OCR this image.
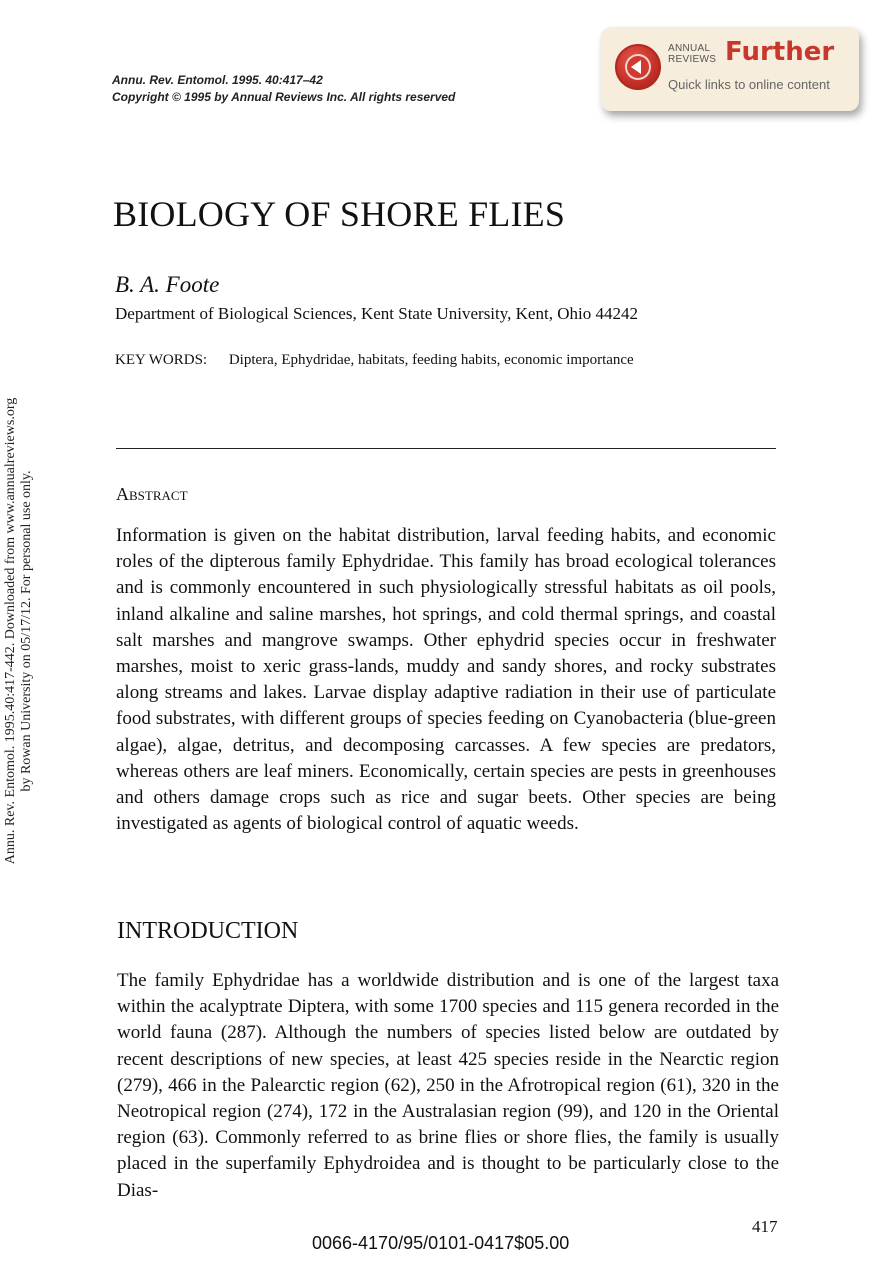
Annu. Rev. Entomol. 1995. 40:417–42
Copyright © 1995 by Annual Reviews Inc. All rights reserved
ANNUAL
REVIEWS Further
Quick links to online content
Annu. Rev. Entomol. 1995.40:417-442. Downloaded from www.annualreviews.org by Rowan University on 05/17/12. For personal use only.
BIOLOGY OF SHORE FLIES
B. A. Foote
Department of Biological Sciences, Kent State University, Kent, Ohio 44242
KEY WORDS: Diptera, Ephydridae, habitats, feeding habits, economic importance
Abstract
Information is given on the habitat distribution, larval feeding habits, and economic roles of the dipterous family Ephydridae. This family has broad ecological tolerances and is commonly encountered in such physiologically stressful habitats as oil pools, inland alkaline and saline marshes, hot springs, and cold thermal springs, and coastal salt marshes and mangrove swamps. Other ephydrid species occur in freshwater marshes, moist to xeric grass-lands, muddy and sandy shores, and rocky substrates along streams and lakes. Larvae display adaptive radiation in their use of particulate food substrates, with different groups of species feeding on Cyanobacteria (blue-green algae), algae, detritus, and decomposing carcasses. A few species are predators, whereas others are leaf miners. Economically, certain species are pests in greenhouses and others damage crops such as rice and sugar beets. Other species are being investigated as agents of biological control of aquatic weeds.
INTRODUCTION
The family Ephydridae has a worldwide distribution and is one of the largest taxa within the acalyptrate Diptera, with some 1700 species and 115 genera recorded in the world fauna (287). Although the numbers of species listed below are outdated by recent descriptions of new species, at least 425 species reside in the Nearctic region (279), 466 in the Palearctic region (62), 250 in the Afrotropical region (61), 320 in the Neotropical region (274), 172 in the Australasian region (99), and 120 in the Oriental region (63). Commonly referred to as brine flies or shore flies, the family is usually placed in the superfamily Ephydroidea and is thought to be particularly close to the Dias-
417
0066-4170/95/0101-0417$05.00
